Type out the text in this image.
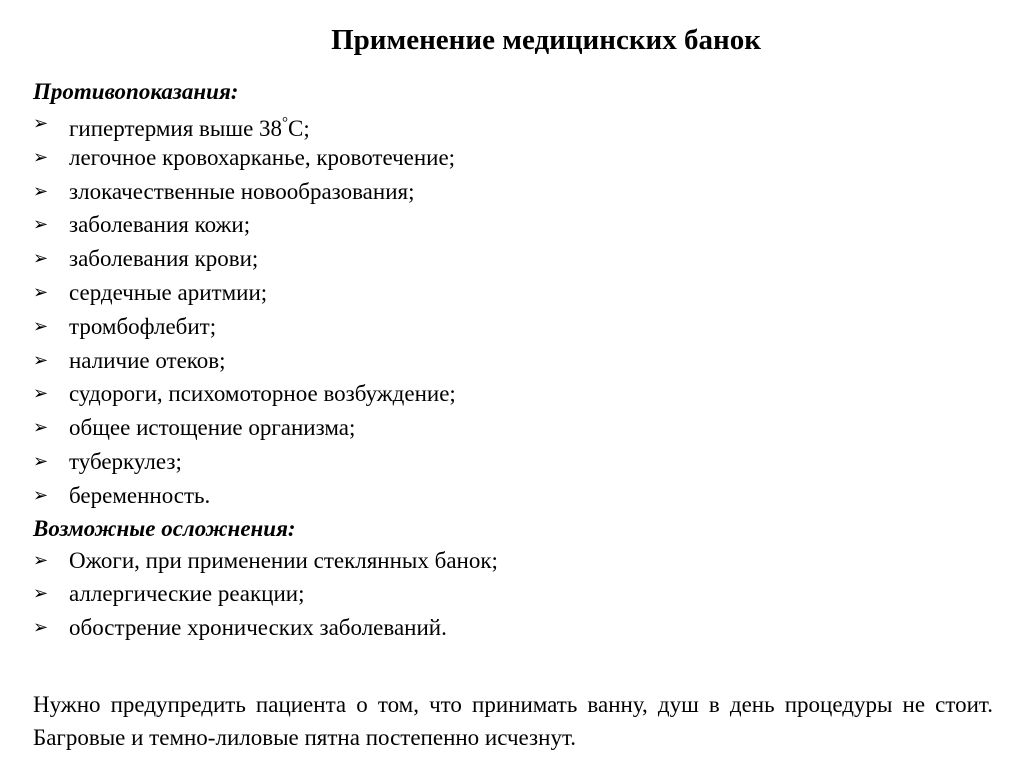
Применение медицинских банок
Противопоказания:
➢ гипертермия выше 38°С;
➢ легочное кровохарканье, кровотечение;
➢ злокачественные новообразования;
➢ заболевания кожи;
➢ заболевания крови;
➢ сердечные аритмии;
➢ тромбофлебит;
➢ наличие отеков;
➢ судороги, психомоторное возбуждение;
➢ общее истощение организма;
➢ туберкулез;
➢ беременность.
Возможные осложнения:
➢ Ожоги, при применении стеклянных банок;
➢ аллергические реакции;
➢ обострение хронических заболеваний.
Нужно предупредить пациента о том, что принимать ванну, душ в день процедуры не стоит. Багровые и темно-лиловые пятна постепенно исчезнут.
